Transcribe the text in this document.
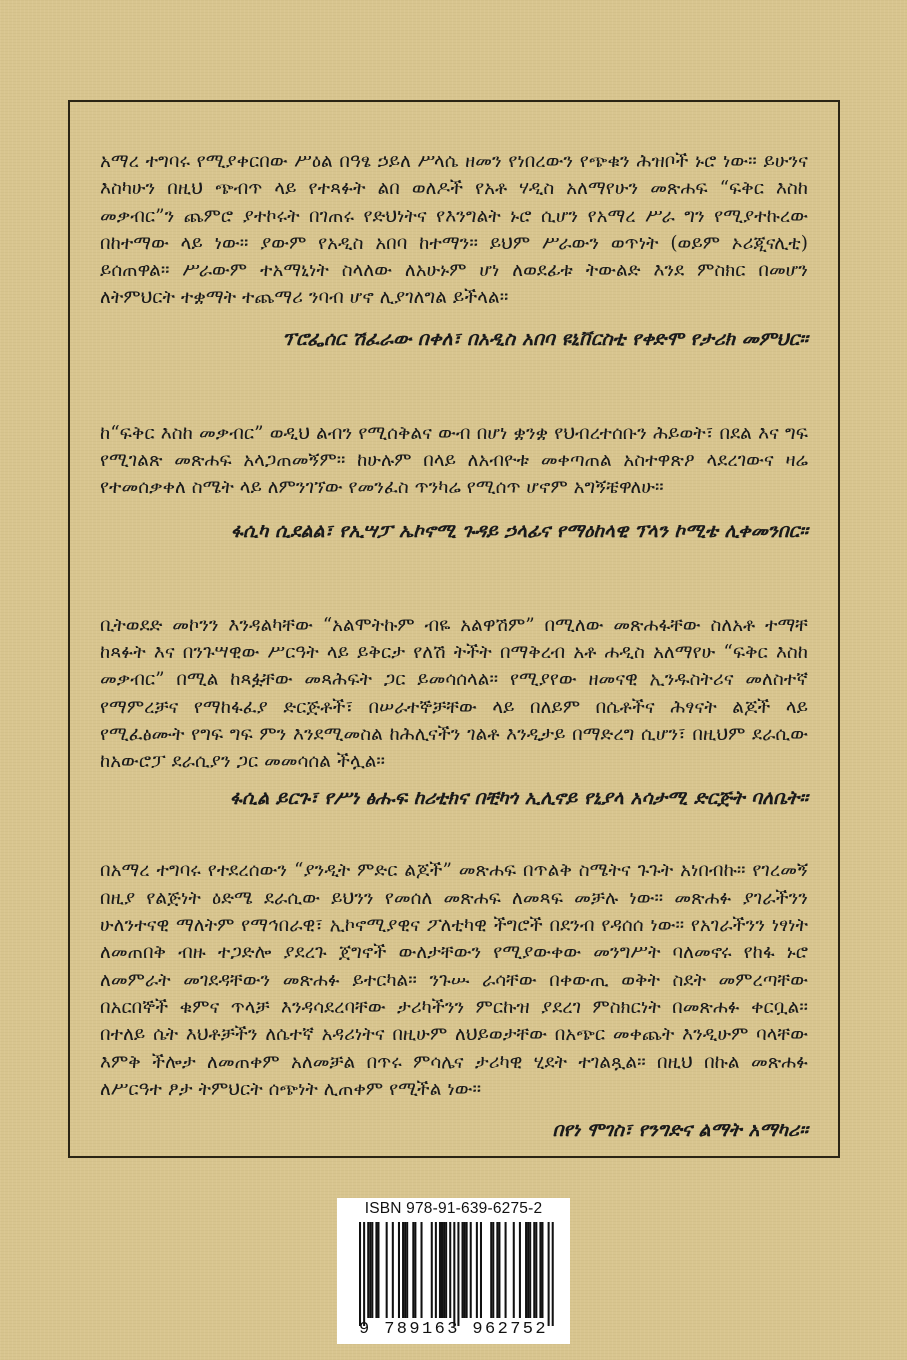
አማረ ተግባሩ የሚያቀርበው ሥዕል በዓፄ ኃይለ ሥላሴ ዘመን የነበረውን የጭቁን ሕዝቦች ኑሮ ነው። ይሁንና እስካሁን በዚህ ጭብጥ ላይ የተጻፉት ልበ ወለዶች የአቶ ሃዲስ አለማየሁን መጽሐፍ “ፍቅር እስከ መቃብር”ን ጨምሮ ያተኮሩት በገጠሩ የድህነትና የእንግልት ኑሮ ሲሆን የአማረ ሥራ ግን የሚያተኩረው በከተማው ላይ ነው። ያውም የአዲስ አበባ ከተማን። ይህም ሥራውን ወጥነት (ወይም ኦሪጂናሊቲ) ይሰጠዋል። ሥራውም ተአማኒነት ስላለው ለአሁኑም ሆነ ለወደፊቱ ትውልድ እንደ ምስክር በመሆን ለትምህርት ተቋማት ተጨማሪ ንባብ ሆኖ ሊያገለግል ይችላል።

ፕሮፌሰር ሽፈራው በቀለ፣ በአዲስ አበባ ዩኒቨርስቲ የቀድሞ የታሪክ መምህር።

ከ“ፍቅር እስከ መቃብር” ወዲህ ልብን የሚሰቅልና ውብ በሆነ ቋንቋ የህብረተሰቡን ሕይወት፣ በደል እና ግፍ የሚገልጽ መጽሐፍ አላጋጠመኝም። ከሁሉም በላይ ለአብዮቱ መቀጣጠል አስተዋጽዖ ላደረገውና ዛሬ የተመሰቃቀለ ስሜት ላይ ለምንገኘው የመንፈስ ጥንካሬ የሚሰጥ ሆኖም አግኝቼዋለሁ።

ፋሲካ ሲደልል፣ የኢሣፓ ኤኮኖሚ ጉዳይ ኃላፊና የማዕከላዊ ፕላን ኮሚቴ ሊቀመንበር።

ቢትወደድ መኮንን እንዳልካቸው “አልሞትኩም ብዬ አልዋሽም” በሚለው መጽሐፋቸው ስለአቶ ተማቸ ከጻፉት እና በንጉሣዊው ሥርዓት ላይ ይቅርታ የለሽ ትችት በማቅረብ አቶ ሐዲስ አለማየሁ “ፍቅር እስከ መቃብር” በሚል ከጻፏቸው መጻሕፍት ጋር ይመሳሰላል። የሚያየው ዘመናዊ ኢንዱስትሪና መለስተኛ የማምረቻና የማከፋፈያ ድርጅቶች፣ በሠራተኞቻቸው ላይ በለይም በሴቶችና ሕፃናት ልጆች ላይ የሚፈፅሙት የግፍ ግፍ ምን እንደሚመስል ከሕሊናችን ገልቶ እንዲታይ በማድረግ ሲሆን፣ በዚህም ደራሲው ከአውሮፓ ደራሲያን ጋር መመሳሰል ችሏል።

ፋሲል ይርጉ፣ የሥነ ፅሑፍ ከሪቲክና በቺካጎ ኢሊኖይ የኒያላ አሳታሚ ድርጅት ባለቤት።

በአማረ ተግባሩ የተደረሰውን “ያንዲት ምድር ልጆች” መጽሐፍ በጥልቅ ስሜትና ጉጉት አነበብኩ። የገረመኝ በዚያ የልጅነት ዕድሜ ደራሲው ይህንን የመሰለ መጽሐፍ ለመጻፍ መቻሉ ነው። መጽሐፉ ያገራችንን ሁለንተናዊ ማለትም የማኅበራዊ፣ ኢኮኖሚያዊና ፖለቲካዊ ችግሮች በደንብ የዳሰሰ ነው። የአገራችንን ነፃነት ለመጠበቅ ብዙ ተጋድሎ ያደረጉ ጀግኖች ውለታቸውን የሚያውቀው መንግሥት ባለመኖሩ የከፋ ኑሮ ለመምራት መገደዳቸውን መጽሐፉ ይተርካል። ንጉሡ ራሳቸው በቀውጢ ወቅት ስደት መምረጣቸው በአርበኞች ቁምና ጥላቻ እንዳሳደረባቸው ታሪካችንን ምርኩዝ ያደረገ ምስክርነት በመጽሐፉ ቀርቧል። በተለይ ሴት እህቶቻችን ለሴተኛ አዳሪነትና በዚሁም ለህይወታቸው በአጭር መቀጨት እንዲሁም ባላቸው እምቅ ችሎታ ለመጠቀም አለመቻል በጥሩ ምሳሌና ታሪካዊ ሂደት ተገልጿል። በዚህ በኩል መጽሐፉ ለሥርዓተ ፆታ ትምህርት ሰጭነት ሊጠቀም የሚችል ነው።

በየነ ሞገስ፣ የንግድና ልማት አማካሪ።

ISBN 978-91-639-6275-2
9 789163 962752
